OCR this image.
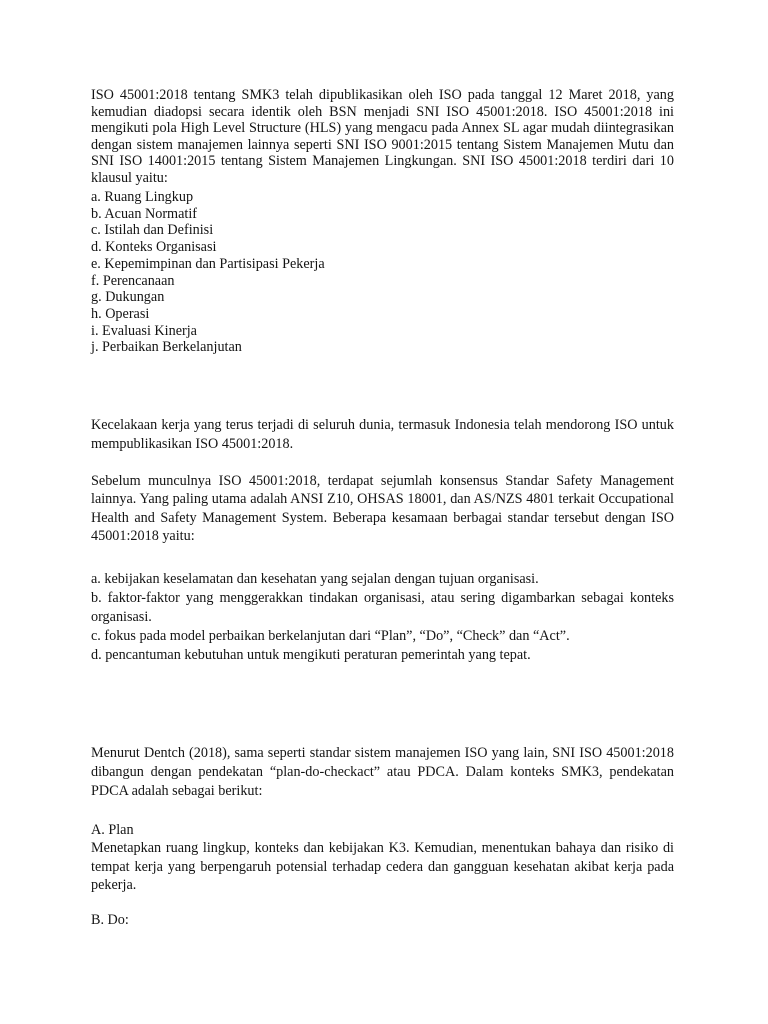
ISO 45001:2018 tentang SMK3 telah dipublikasikan oleh ISO pada tanggal 12 Maret 2018, yang kemudian diadopsi secara identik oleh BSN menjadi SNI ISO 45001:2018. ISO 45001:2018 ini mengikuti pola High Level Structure (HLS) yang mengacu pada Annex SL agar mudah diintegrasikan dengan sistem manajemen lainnya seperti SNI ISO 9001:2015 tentang Sistem Manajemen Mutu dan SNI ISO 14001:2015 tentang Sistem Manajemen Lingkungan. SNI ISO 45001:2018 terdiri dari 10 klausul yaitu:

a. Ruang Lingkup
b. Acuan Normatif
c. Istilah dan Definisi
d. Konteks Organisasi
e. Kepemimpinan dan Partisipasi Pekerja
f. Perencanaan
g. Dukungan
h. Operasi
i. Evaluasi Kinerja
j. Perbaikan Berkelanjutan

Kecelakaan kerja yang terus terjadi di seluruh dunia, termasuk Indonesia telah mendorong ISO untuk mempublikasikan ISO 45001:2018.

Sebelum munculnya ISO 45001:2018, terdapat sejumlah konsensus Standar Safety Management lainnya. Yang paling utama adalah ANSI Z10, OHSAS 18001, dan AS/NZS 4801 terkait Occupational Health and Safety Management System. Beberapa kesamaan berbagai standar tersebut dengan ISO 45001:2018 yaitu:

a. kebijakan keselamatan dan kesehatan yang sejalan dengan tujuan organisasi.
b. faktor-faktor yang menggerakkan tindakan organisasi, atau sering digambarkan sebagai konteks organisasi.
c. fokus pada model perbaikan berkelanjutan dari “Plan”, “Do”, “Check” dan “Act”.
d. pencantuman kebutuhan untuk mengikuti peraturan pemerintah yang tepat.

Menurut Dentch (2018), sama seperti standar sistem manajemen ISO yang lain, SNI ISO 45001:2018 dibangun dengan pendekatan “plan-do-checkact” atau PDCA. Dalam konteks SMK3, pendekatan PDCA adalah sebagai berikut:

A. Plan

Menetapkan ruang lingkup, konteks dan kebijakan K3. Kemudian, menentukan bahaya dan risiko di tempat kerja yang berpengaruh potensial terhadap cedera dan gangguan kesehatan akibat kerja pada pekerja.

B. Do:
